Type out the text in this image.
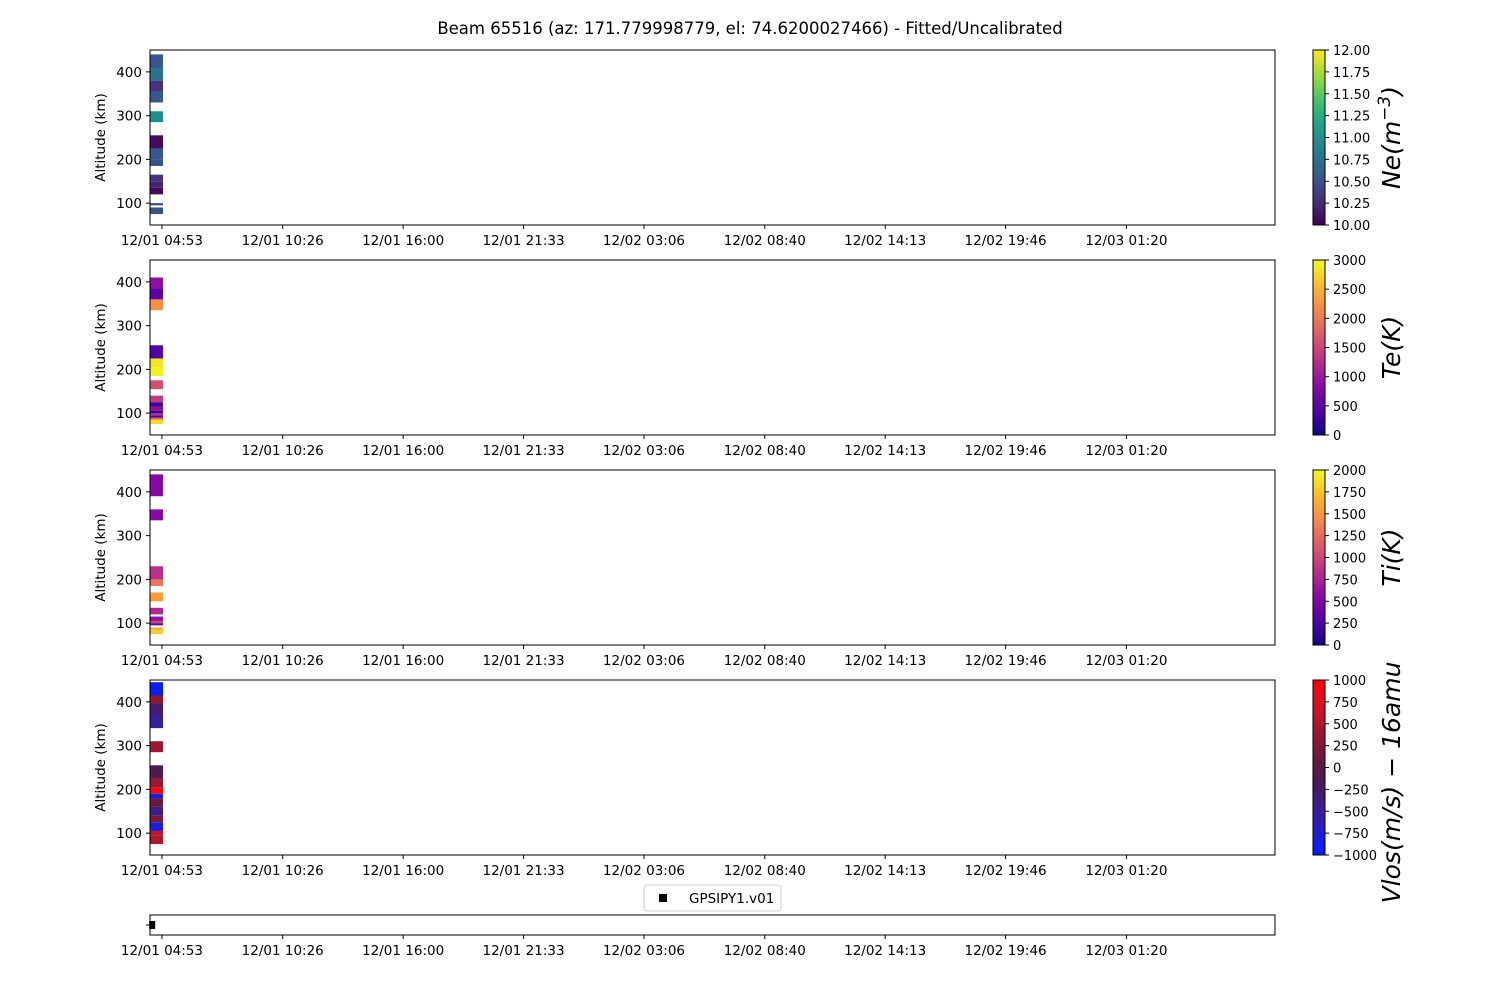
Beam 65516 (az: 171.779998779, el: 74.6200027466) - Fitted/Uncalibrated
100
200
300
400
Altitude (km)
12/01 04:53	12/01 10:26	12/01 16:00	12/01 21:33	12/02 03:06	12/02 08:40	12/02 14:13	12/02 19:46	12/03 01:20
10.00
10.25
10.50
10.75
11.00
11.25
11.50
11.75
12.00
$Ne(m^{-3})$
100
200
300
400
Altitude (km)
12/01 04:53	12/01 10:26	12/01 16:00	12/01 21:33	12/02 03:06	12/02 08:40	12/02 14:13	12/02 19:46	12/03 01:20
0
500
1000
1500
2000
2500
3000
Te(K)
100
200
300
400
Altitude (km)
12/01 04:53	12/01 10:26	12/01 16:00	12/01 21:33	12/02 03:06	12/02 08:40	12/02 14:13	12/02 19:46	12/03 01:20
0
250
500
750
1000
1250
1500
1750
2000
Ti(K)
100
200
300
400
Altitude (km)
12/01 04:53	12/01 10:26	12/01 16:00	12/01 21:33	12/02 03:06	12/02 08:40	12/02 14:13	12/02 19:46	12/03 01:20
−1000
−750
−500
−250
0
250
500
750
1000 Vlos(m/s) − 16amu
12/01 04:53	12/01 10:26	12/01 16:00	12/01 21:33	12/02 03:06	12/02 08:40	12/02 14:13	12/02 19:46	12/03 01:20
GPSIPY1.v01
